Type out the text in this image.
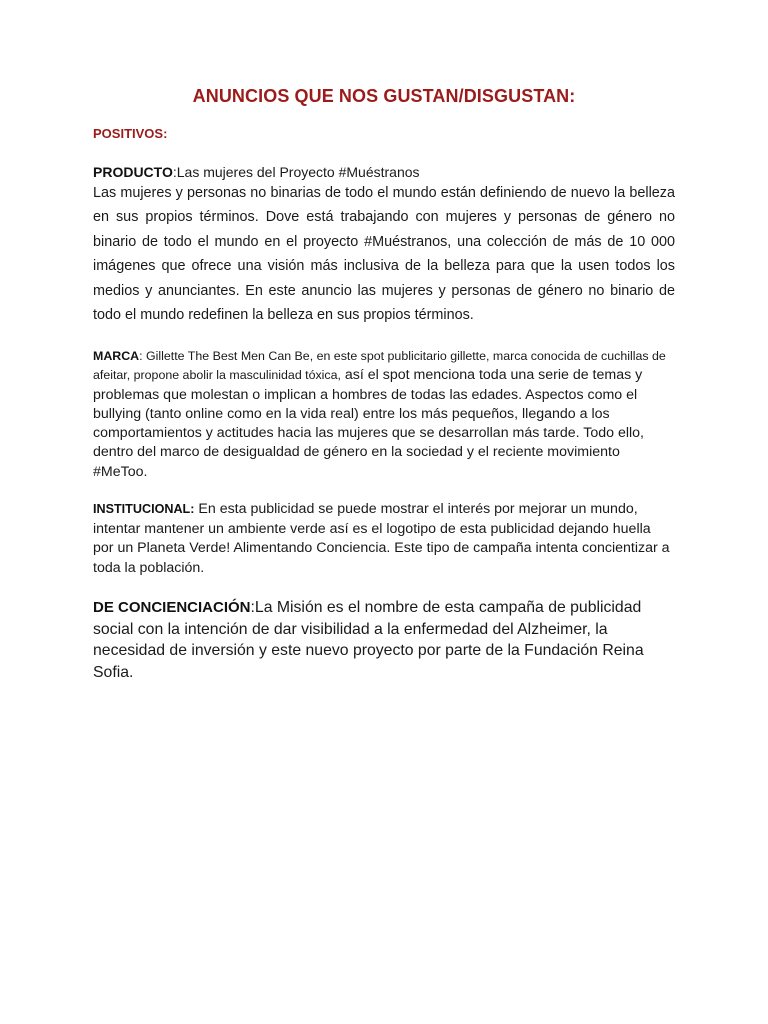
ANUNCIOS QUE NOS GUSTAN/DISGUSTAN:
POSITIVOS:
PRODUCTO:Las mujeres del Proyecto #Muéstranos

Las mujeres y personas no binarias de todo el mundo están definiendo de nuevo la belleza en sus propios términos. Dove está trabajando con mujeres y personas de género no binario de todo el mundo en el proyecto #Muéstranos, una colección de más de 10 000 imágenes que ofrece una visión más inclusiva de la belleza para que la usen todos los medios y anunciantes. En este anuncio las mujeres y personas de género no binario de todo el mundo redefinen la belleza en sus propios términos.

MARCA: Gillette The Best Men Can Be, en este spot publicitario gillette, marca conocida de cuchillas de afeitar, propone abolir la masculinidad tóxica, así el spot menciona toda una serie de temas y problemas que molestan o implican a hombres de todas las edades. Aspectos como el bullying (tanto online como en la vida real) entre los más pequeños, llegando a los comportamientos y actitudes hacia las mujeres que se desarrollan más tarde. Todo ello, dentro del marco de desigualdad de género en la sociedad y el reciente movimiento #MeToo.

INSTITUCIONAL: En esta publicidad se puede mostrar el interés por mejorar un mundo, intentar mantener un ambiente verde así es el logotipo de esta publicidad dejando huella por un Planeta Verde! Alimentando Conciencia. Este tipo de campaña intenta concientizar a toda la población.

DE CONCIENCIACIÓN:La Misión es el nombre de esta campaña de publicidad social con la intención de dar visibilidad a la enfermedad del Alzheimer, la necesidad de inversión y este nuevo proyecto por parte de la Fundación Reina Sofia.
